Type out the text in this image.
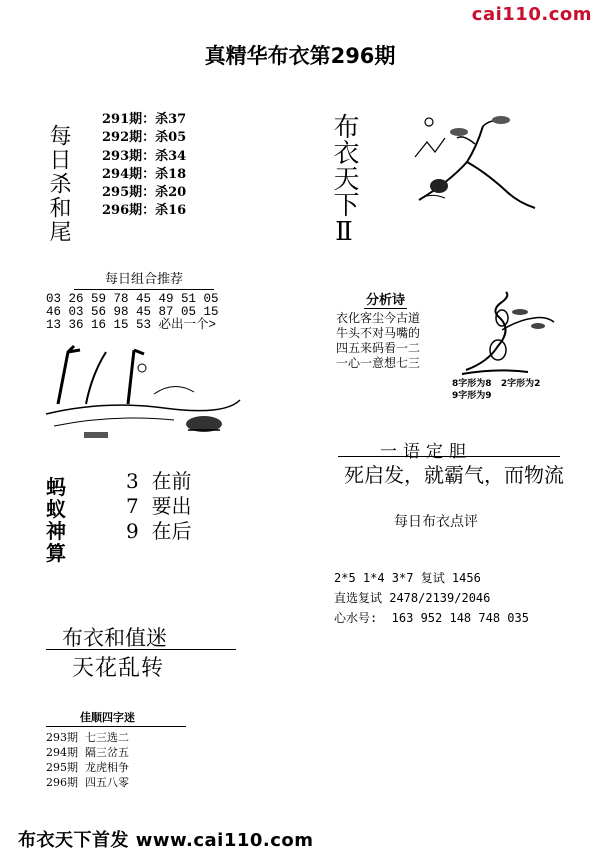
cai110.com
真精华布衣第296期
每日杀和尾
291期：杀37
292期：杀05
293期：杀34
294期：杀18
295期：杀20
296期：杀16	布衣天下Ⅱ
每日组合推荐
03 26 59 78 45 49 51 05
46 03 56 98 45 87 05 15
13 36 16 15 53 必出一个>
蚂蚁神算
3  在前
7  要出
9  在后
分析诗
衣化客尘今古道
牛头不对马嘴的
四五来码看一二
一心一意想七三
8字形为8   2字形为2
9字形为9
一语定胆
死启发，就霸气，而物流
每日布衣点评
2*5 1*4 3*7 复试 1456
直选复试 2478/2139/2046
心水号:  163 952 148 748 035
布衣和值迷
天花乱转
佳顺四字迷
293期  七三选二
294期  隔三岔五
295期  龙虎相争
296期  四五八零
布衣天下首发 www.cai110.com
